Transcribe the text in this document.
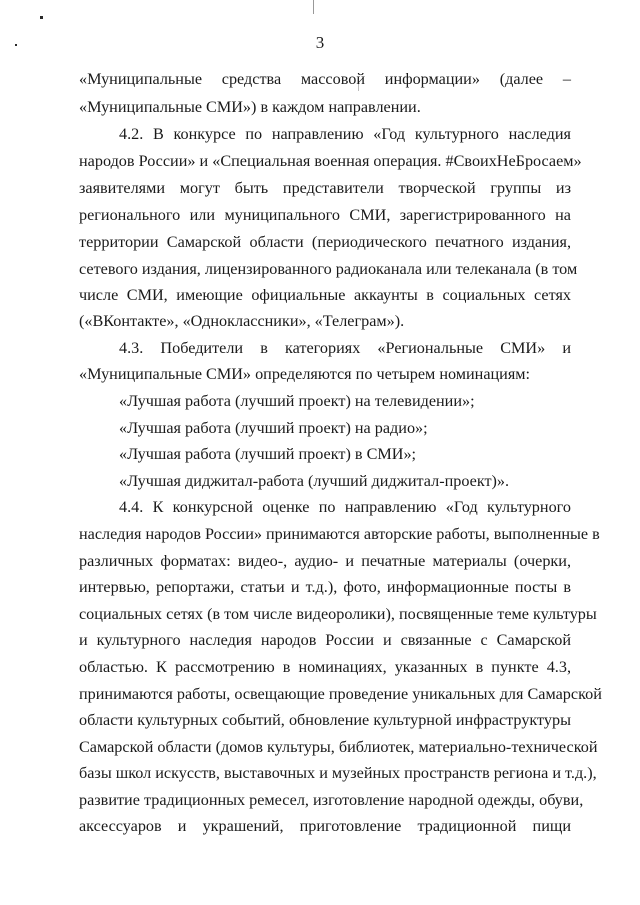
3
«Муниципальные средства массовой информации» (далее –
«Муниципальные СМИ») в каждом направлении.
4.2. В конкурсе по направлению «Год культурного наследия
народов России» и «Специальная военная операция. #СвоихНеБросаем»
заявителями могут быть представители творческой группы из
регионального или муниципального СМИ, зарегистрированного на
территории Самарской области (периодического печатного издания,
сетевого издания, лицензированного радиоканала или телеканала (в том
числе СМИ, имеющие официальные аккаунты в социальных сетях
(«ВКонтакте», «Одноклассники», «Телеграм»).
4.3. Победители в категориях «Региональные СМИ» и
«Муниципальные СМИ» определяются по четырем номинациям:
«Лучшая работа (лучший проект) на телевидении»;
«Лучшая работа (лучший проект) на радио»;
«Лучшая работа (лучший проект) в СМИ»;
«Лучшая диджитал-работа (лучший диджитал-проект)».
4.4. К конкурсной оценке по направлению «Год культурного
наследия народов России» принимаются авторские работы, выполненные в
различных форматах: видео-, аудио- и печатные материалы (очерки,
интервью, репортажи, статьи и т.д.), фото, информационные посты в
социальных сетях (в том числе видеоролики), посвященные теме культуры
и культурного наследия народов России и связанные с Самарской
областью. К рассмотрению в номинациях, указанных в пункте 4.3,
принимаются работы, освещающие проведение уникальных для Самарской
области культурных событий, обновление культурной инфраструктуры
Самарской области (домов культуры, библиотек, материально-технической
базы школ искусств, выставочных и музейных пространств региона и т.д.),
развитие традиционных ремесел, изготовление народной одежды, обуви,
аксессуаров и украшений, приготовление традиционной пищи
